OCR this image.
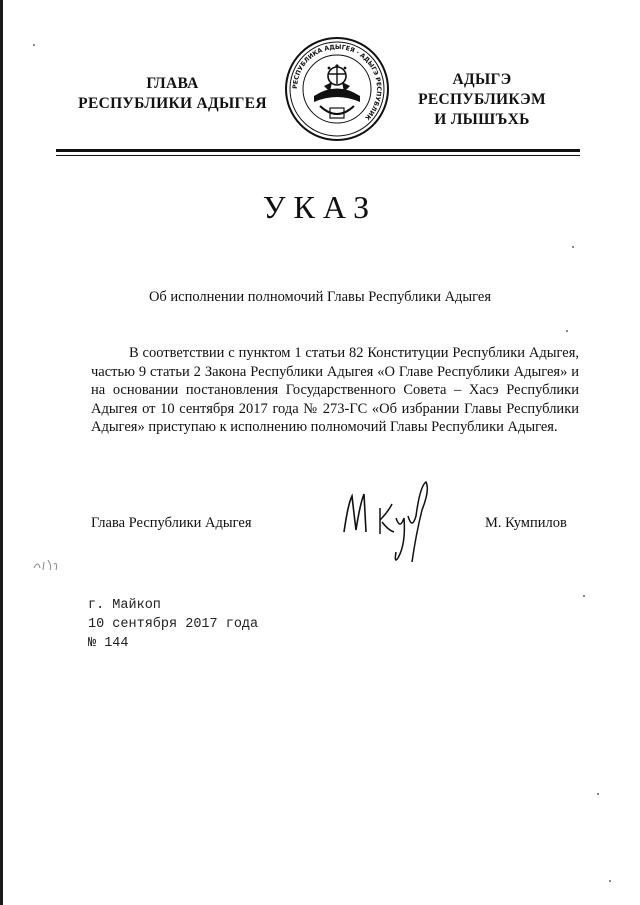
ГЛАВА
РЕСПУБЛИКИ АДЫГЕЯ
РЕСПУБЛИКА АДЫГЕЯ · АДЫГЭ РЕСПУБЛИК
АДЫГЭ РЕСПУБЛИКЭМ
И ЛЫШЪХЬ
УКАЗ
Об исполнении полномочий Главы Республики Адыгея
В соответствии с пунктом 1 статьи 82 Конституции Республики Адыгея, частью 9 статьи 2 Закона Республики Адыгея «О Главе Республики Адыгея» и на основании постановления Государственного Совета – Хасэ Республики Адыгея от 10 сентября 2017 года № 273-ГС «Об избрании Главы Республики Адыгея» приступаю к исполнению полномочий Главы Республики Адыгея.
Глава Республики Адыгея	М. Кумпилов
г. Майкоп
10 сентября 2017 года
№ 144
